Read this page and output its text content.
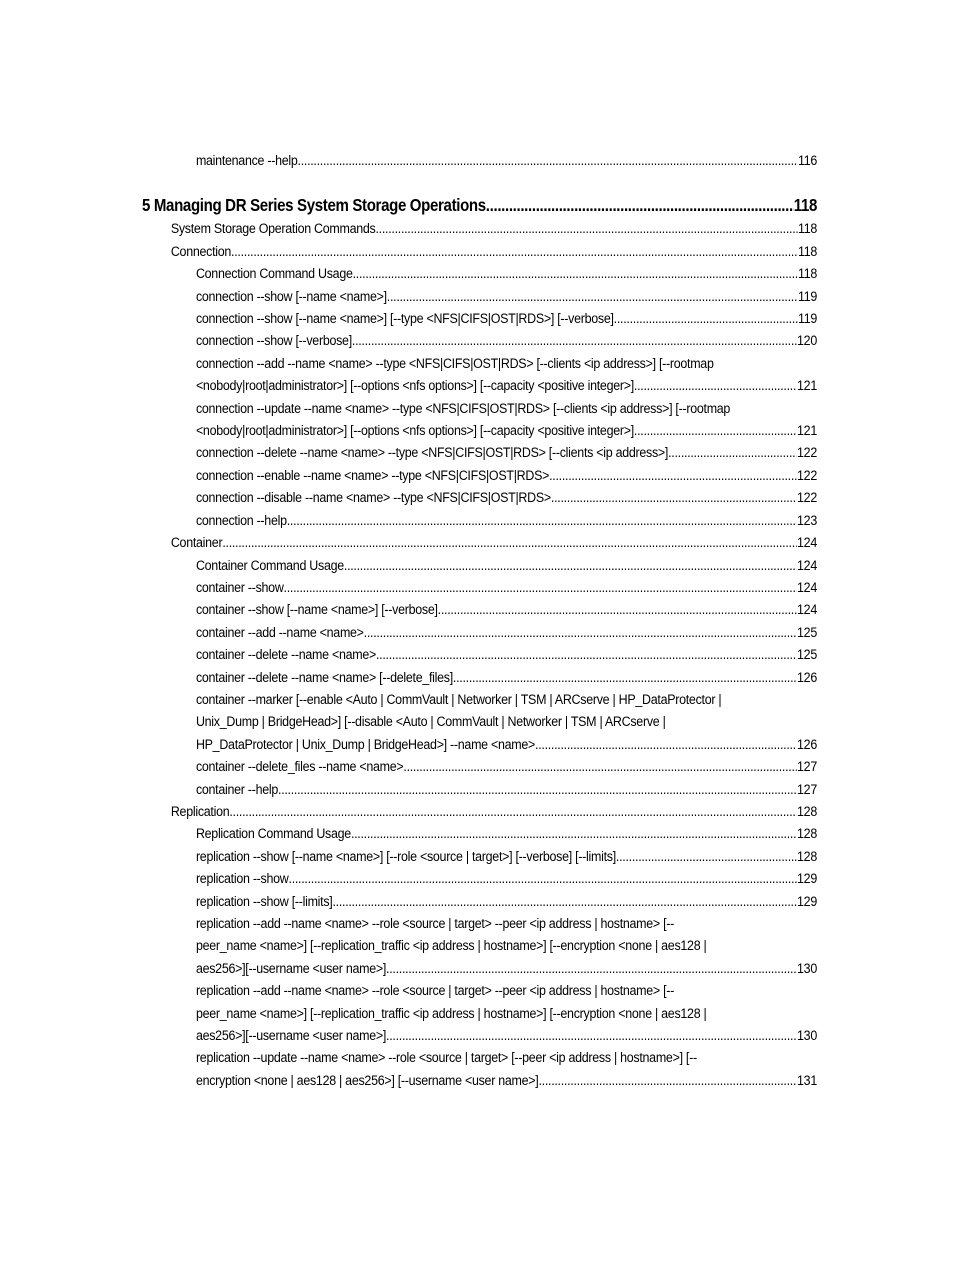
maintenance --help .....	116
5 Managing DR Series System Storage Operations .....	118
System Storage Operation Commands .....	118
Connection .....	118
Connection Command Usage .....	118
connection --show [--name <name>] .....	119
connection --show [--name <name>] [--type <NFS|CIFS|OST|RDS>] [--verbose] .....	119
connection --show [--verbose] .....	120
connection --add --name <name> --type <NFS|CIFS|OST|RDS> [--clients <ip address>] [--rootmap
<nobody|root|administrator>] [--options <nfs options>] [--capacity <positive integer>] .....	121
connection --update --name <name> --type <NFS|CIFS|OST|RDS> [--clients <ip address>] [--rootmap
<nobody|root|administrator>] [--options <nfs options>] [--capacity <positive integer>] .....	121
connection --delete --name <name> --type <NFS|CIFS|OST|RDS> [--clients <ip address>] .....	122
connection --enable --name <name> --type <NFS|CIFS|OST|RDS> .....	122
connection --disable --name <name> --type <NFS|CIFS|OST|RDS> .....	122
connection --help .....	123
Container .....	124
Container Command Usage .....	124
container --show .....	124
container --show [--name <name>] [--verbose] .....	124
container --add --name <name> .....	125
container --delete --name <name> .....	125
container --delete --name <name> [--delete_files] .....	126
container --marker [--enable <Auto | CommVault | Networker | TSM | ARCserve | HP_DataProtector |
Unix_Dump | BridgeHead>] [--disable <Auto | CommVault | Networker | TSM | ARCserve |
HP_DataProtector | Unix_Dump | BridgeHead>] --name <name> .....	126
container --delete_files --name <name> .....	127
container --help .....	127
Replication .....	128
Replication Command Usage .....	128
replication --show [--name <name>] [--role <source | target>] [--verbose] [--limits] .....	128
replication --show .....	129
replication --show [--limits] .....	129
replication --add --name <name> --role <source | target> --peer <ip address | hostname> [--
peer_name <name>] [--replication_traffic <ip address | hostname>] [--encryption <none | aes128 |
aes256>][--username <user name>] .....	130
replication --add --name <name> --role <source | target> --peer <ip address | hostname> [--
peer_name <name>] [--replication_traffic <ip address | hostname>] [--encryption <none | aes128 |
aes256>][--username <user name>] .....	130
replication --update --name <name> --role <source | target> [--peer <ip address | hostname>] [--
encryption <none | aes128 | aes256>] [--username <user name>] .....	131
